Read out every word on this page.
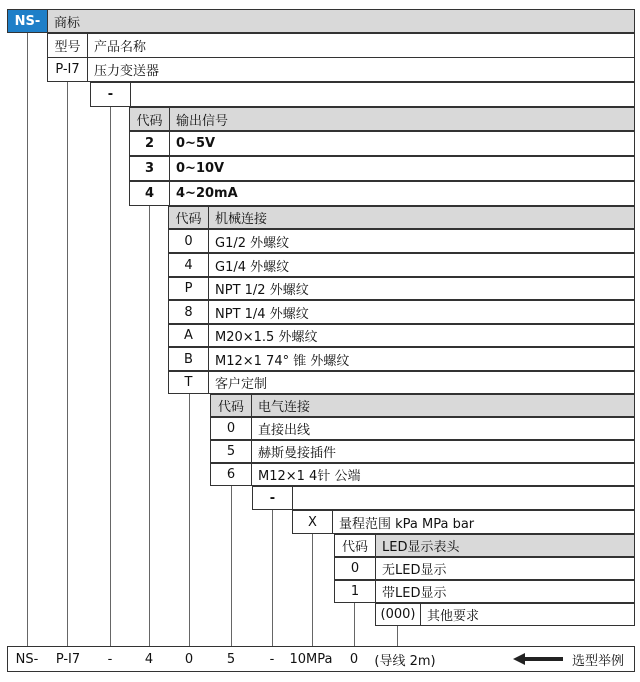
NS-	商标
型号	产品名称
P-I7	压力变送器
-
代码	输出信号
2	0~5V
3	0~10V
4	4~20mA
代码	机械连接
0	G1/2 外螺纹
4	G1/4 外螺纹
P	NPT 1/2 外螺纹
8	NPT 1/4 外螺纹
A	M20×1.5 外螺纹
B	M12×1 74° 锥 外螺纹
T	客户定制
代码	电气连接
0	直接出线
5	赫斯曼接插件
6	M12×1 4针 公端
-
X	量程范围 kPa MPa bar
代码	LED显示表头
0	无LED显示
1	带LED显示
(000) 其他要求
NS-	P-I7	-	4	0	5	-	10MPa	0	(导线 2m)	选型举例
